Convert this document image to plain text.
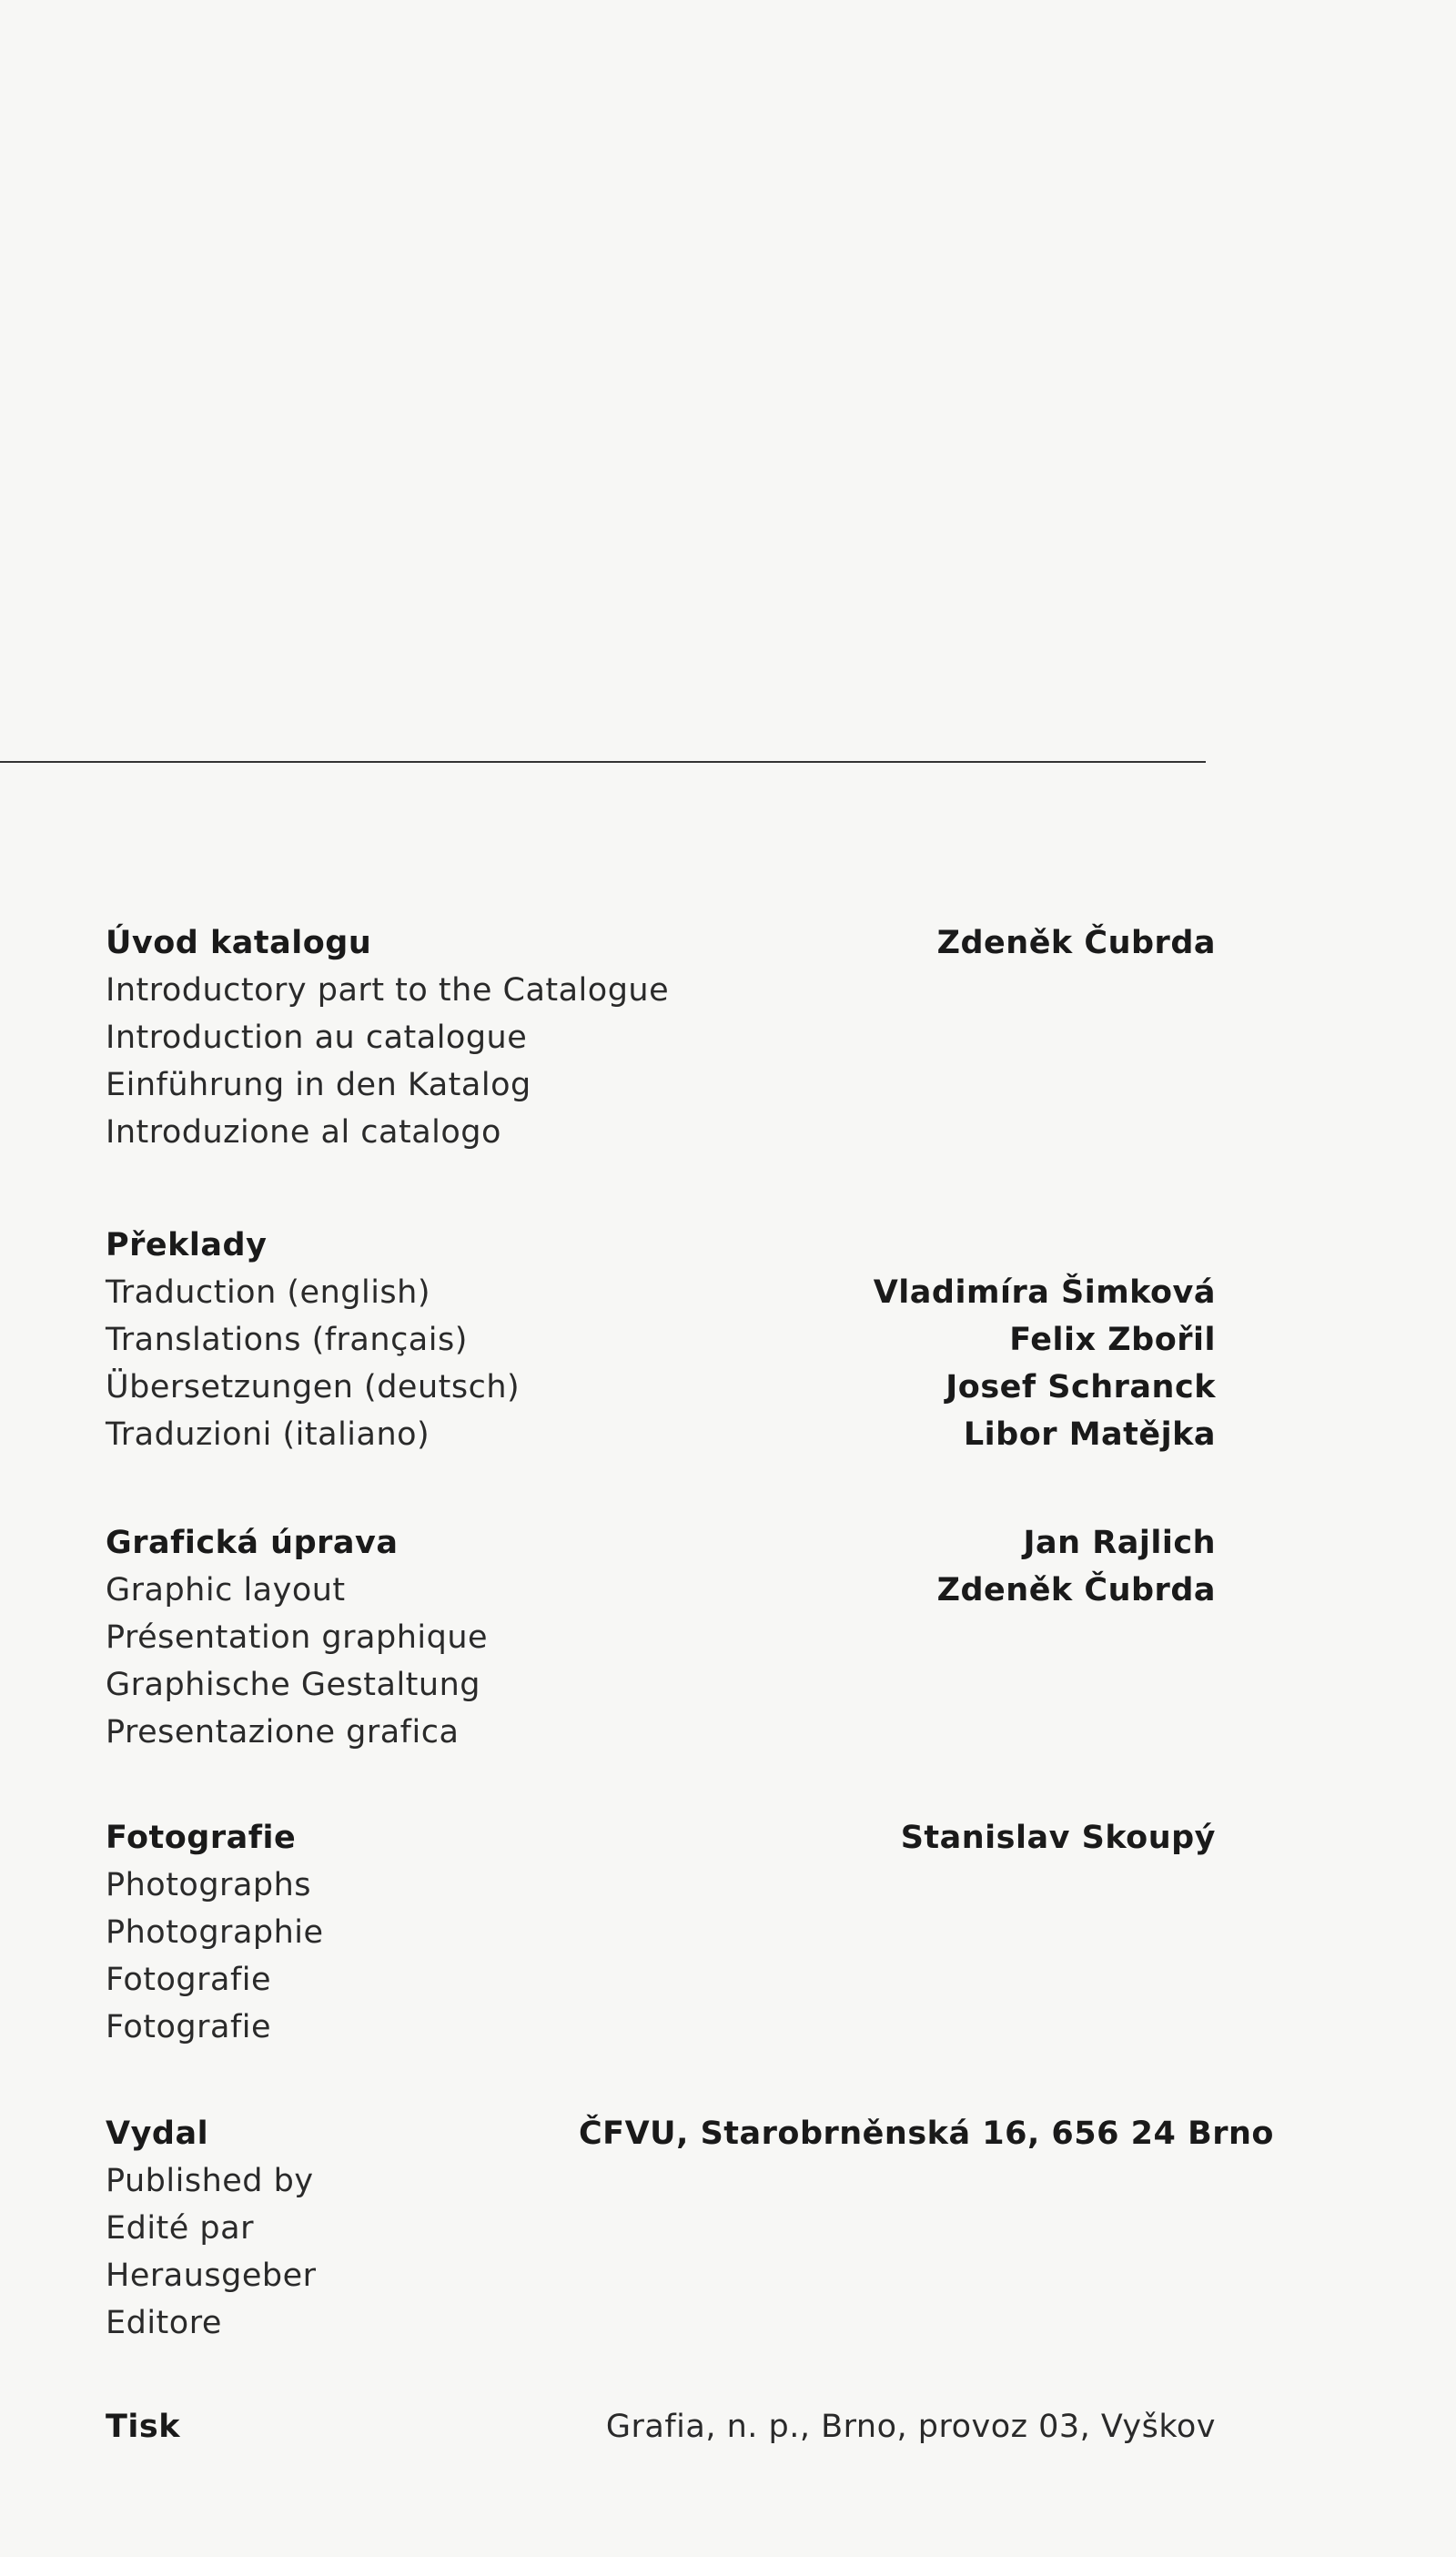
Úvod katalogu
Introductory part to the Catalogue
Introduction au catalogue
Einführung in den Katalog
Introduzione al catalogo
Zdeněk Čubrda
Překlady
Traduction (english)
Translations (français)
Übersetzungen (deutsch)
Traduzioni (italiano)
Vladimíra Šimková
Felix Zbořil
Josef Schranck
Libor Matějka
Grafická úprava
Graphic layout
Présentation graphique
Graphische Gestaltung
Presentazione grafica
Jan Rajlich
Zdeněk Čubrda
Fotografie
Photographs
Photographie
Fotografie
Fotografie
Stanislav Skoupý
Vydal
Published by
Edité par
Herausgeber
Editore
ČFVU, Starobrněnská 16, 656 24 Brno
Tisk	Grafia, n. p., Brno, provoz 03, Vyškov
